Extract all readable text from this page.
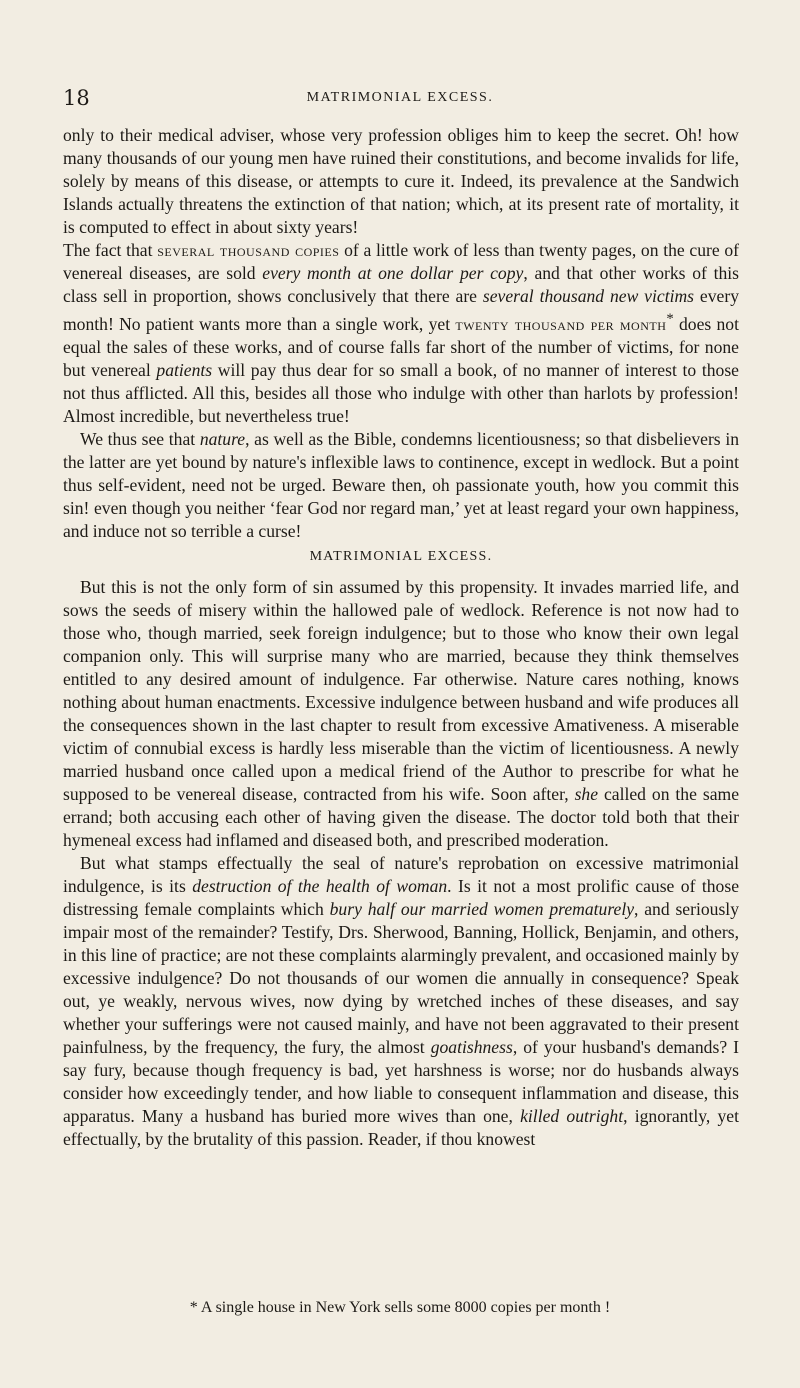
18	MATRIMONIAL EXCESS.

only to their medical adviser, whose very profession obliges him to keep the secret. Oh! how many thousands of our young men have ruined their constitutions, and become invalids for life, solely by means of this disease, or attempts to cure it. Indeed, its prevalence at the Sandwich Islands actually threatens the extinction of that nation; which, at its present rate of mortality, it is computed to effect in about sixty years!

The fact that several thousand copies of a little work of less than twenty pages, on the cure of venereal diseases, are sold every month at one dollar per copy, and that other works of this class sell in proportion, shows conclusively that there are several thousand new victims every month! No patient wants more than a single work, yet twenty thousand per month* does not equal the sales of these works, and of course falls far short of the number of victims, for none but venereal patients will pay thus dear for so small a book, of no manner of interest to those not thus afflicted. All this, besides all those who indulge with other than harlots by profession! Almost incredible, but nevertheless true!

We thus see that nature, as well as the Bible, condemns licentiousness; so that disbelievers in the latter are yet bound by nature's inflexible laws to continence, except in wedlock. But a point thus self-evident, need not be urged. Beware then, oh passionate youth, how you commit this sin! even though you neither ‘fear God nor regard man,’ yet at least regard your own happiness, and induce not so terrible a curse!

MATRIMONIAL EXCESS.

But this is not the only form of sin assumed by this propensity. It invades married life, and sows the seeds of misery within the hallowed pale of wedlock. Reference is not now had to those who, though married, seek foreign indulgence; but to those who know their own legal companion only. This will surprise many who are married, because they think themselves entitled to any desired amount of indulgence. Far otherwise. Nature cares nothing, knows nothing about human enactments. Excessive indulgence between husband and wife produces all the consequences shown in the last chapter to result from excessive Amativeness. A miserable victim of connubial excess is hardly less miserable than the victim of licentiousness. A newly married husband once called upon a medical friend of the Author to prescribe for what he supposed to be venereal disease, contracted from his wife. Soon after, she called on the same errand; both accusing each other of having given the disease. The doctor told both that their hymeneal excess had inflamed and diseased both, and prescribed moderation.

But what stamps effectually the seal of nature's reprobation on excessive matrimonial indulgence, is its destruction of the health of woman. Is it not a most prolific cause of those distressing female complaints which bury half our married women prematurely, and seriously impair most of the remainder? Testify, Drs. Sherwood, Banning, Hollick, Benjamin, and others, in this line of practice; are not these complaints alarmingly prevalent, and occasioned mainly by excessive indulgence? Do not thousands of our women die annually in consequence? Speak out, ye weakly, nervous wives, now dying by wretched inches of these diseases, and say whether your sufferings were not caused mainly, and have not been aggravated to their present painfulness, by the frequency, the fury, the almost goatishness, of your husband's demands? I say fury, because though frequency is bad, yet harshness is worse; nor do husbands always consider how exceedingly tender, and how liable to consequent inflammation and disease, this apparatus. Many a husband has buried more wives than one, killed outright, ignorantly, yet effectually, by the brutality of this passion. Reader, if thou knowest

* A single house in New York sells some 8000 copies per month !
